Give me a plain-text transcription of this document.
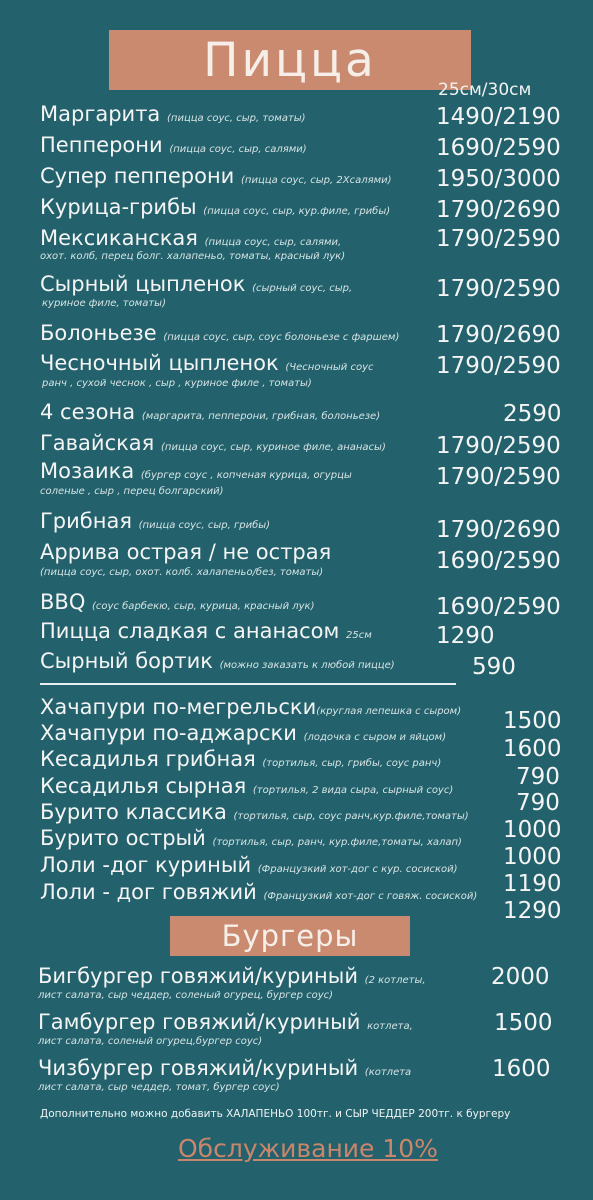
Пицца
25см/30см
Маргарита (пицца соус, сыр, томаты)	1490/2190
Пепперони (пицца соус, сыр, салями)	1690/2590
Супер пепперони (пицца соус, сыр, 2Хсалями) 1950/3000
Курица-грибы (пицца соус, сыр, кур.филе, грибы) 1790/2690
Мексиканская (пицца соус, сыр, салями,
охот. колб, перец болг. халапеньо, томаты, красный лук)
1790/2590
Сырный цыпленок (сырный соус, сыр,
куриное филе, томаты)
1790/2590
Болоньезе (пицца соус, сыр, соус болоньезе с фаршем) 1790/2690
Чесночный цыпленок (Чесночный соус
ранч , сухой чеснок , сыр , куриное филе , томаты)
1790/2590
4 сезона (маргарита, пепперони, грибная, болоньезе)	2590
Гавайская (пицца соус, сыр, куриное филе, ананасы) 1790/2590
Мозаика (бургер соус , копченая курица, огурцы
соленые , сыр , перец болгарский)
1790/2590
Грибная (пицца соус, сыр, грибы)	1790/2690
Аррива острая / не острая
(пицца соус, сыр, охот. колб. халапеньо/без, томаты)	1690/2590
BBQ (соус барбекю, сыр, курица, красный лук)	1690/2590
Пицца сладкая с ананасом 25см	1290
Сырный бортик (можно заказать к любой пицце)	590
Хачапури по-мегрельски(круглая лепешка с сыром) 1500
Хачапури по-аджарски (лодочка с сыром и яйцом) 1600
Кесадилья грибная (тортилья, сыр, грибы, соус ранч)
790
Кесадилья сырная (тортилья, 2 вида сыра, сырный соус)	790
Бурито классика (тортилья, сыр, соус ранч,кур.филе,томаты)
1000
Бурито острый (тортилья, сыр, ранч, кур.филе,томаты, халап)
1000
Лоли -дог куриный (Французкий хот-дог с кур. сосиской)
1190
Лоли - дог говяжий (Французкий хот-дог с говяж. сосиской)
1290
Бургеры
Бигбургер говяжий/куриный (2 котлеты,
лист салата, сыр чеддер, соленый огурец, бургер соус)
2000
Гамбургер говяжий/куриный котлета,
лист салата, соленый огурец,бургер соус)
1500
Чизбургер говяжий/куриный (котлета
лист салата, сыр чеддер, томат, бургер соус)
1600
Дополнительно можно добавить ХАЛАПЕНЬО 100тг. и СЫР ЧЕДДЕР 200тг. к бургеру
Обслуживание 10%
